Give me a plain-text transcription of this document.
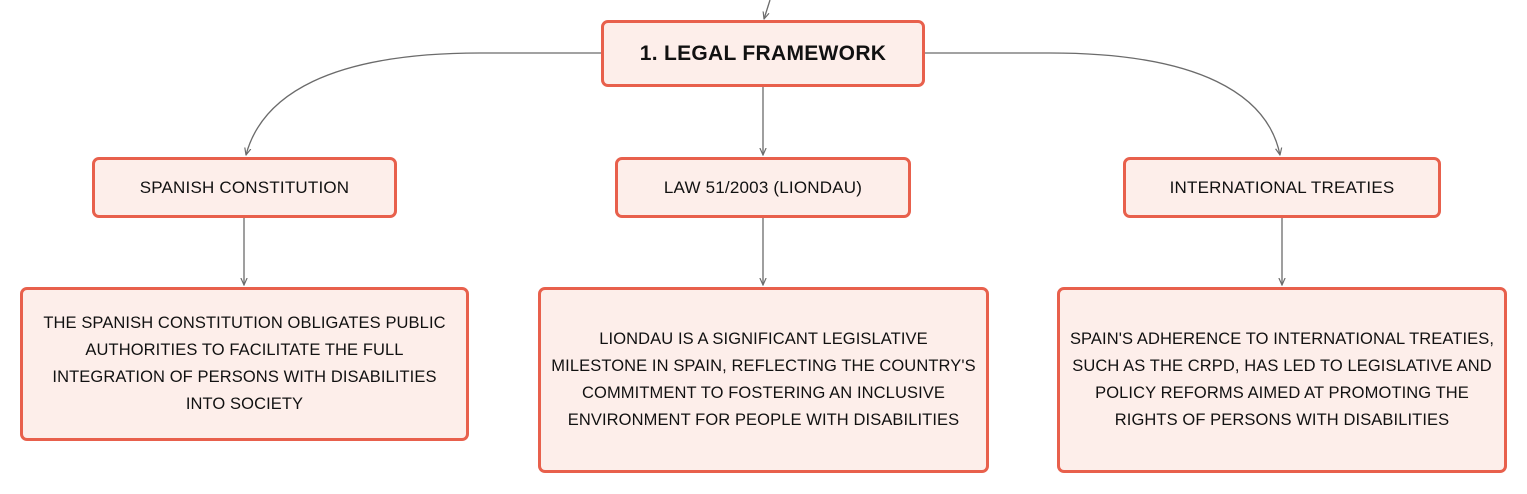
1. LEGAL FRAMEWORK
SPANISH CONSTITUTION	LAW 51/2003 (LIONDAU)	INTERNATIONAL TREATIES
THE SPANISH CONSTITUTION OBLIGATES PUBLIC AUTHORITIES TO FACILITATE THE FULL INTEGRATION OF PERSONS WITH DISABILITIES INTO SOCIETY
LIONDAU IS A SIGNIFICANT LEGISLATIVE MILESTONE IN SPAIN, REFLECTING THE COUNTRY'S COMMITMENT TO FOSTERING AN INCLUSIVE ENVIRONMENT FOR PEOPLE WITH DISABILITIES
SPAIN'S ADHERENCE TO INTERNATIONAL TREATIES, SUCH AS THE CRPD, HAS LED TO LEGISLATIVE AND POLICY REFORMS AIMED AT PROMOTING THE RIGHTS OF PERSONS WITH DISABILITIES
